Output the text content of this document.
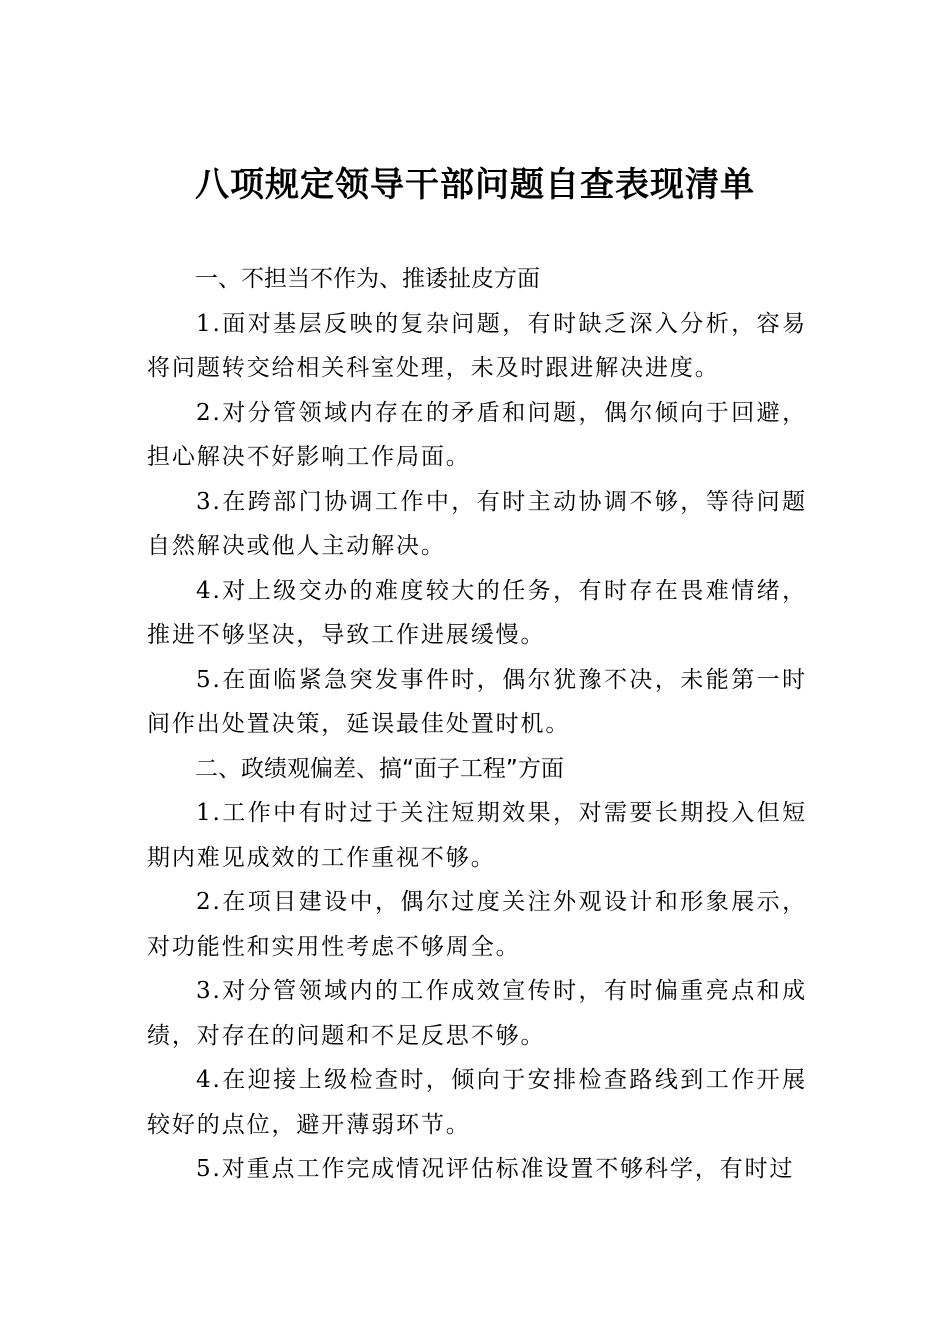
八项规定领导干部问题自查表现清单
一、不担当不作为、推诿扯皮方面

1.面对基层反映的复杂问题，有时缺乏深入分析，容易将问题转交给相关科室处理，未及时跟进解决进度。

2.对分管领域内存在的矛盾和问题，偶尔倾向于回避，担心解决不好影响工作局面。

3.在跨部门协调工作中，有时主动协调不够，等待问题自然解决或他人主动解决。

4.对上级交办的难度较大的任务，有时存在畏难情绪，推进不够坚决，导致工作进展缓慢。

5.在面临紧急突发事件时，偶尔犹豫不决，未能第一时间作出处置决策，延误最佳处置时机。

二、政绩观偏差、搞“面子工程”方面

1.工作中有时过于关注短期效果，对需要长期投入但短期内难见成效的工作重视不够。

2.在项目建设中，偶尔过度关注外观设计和形象展示，对功能性和实用性考虑不够周全。

3.对分管领域内的工作成效宣传时，有时偏重亮点和成绩，对存在的问题和不足反思不够。

4.在迎接上级检查时，倾向于安排检查路线到工作开展较好的点位，避开薄弱环节。

5.对重点工作完成情况评估标准设置不够科学，有时过
